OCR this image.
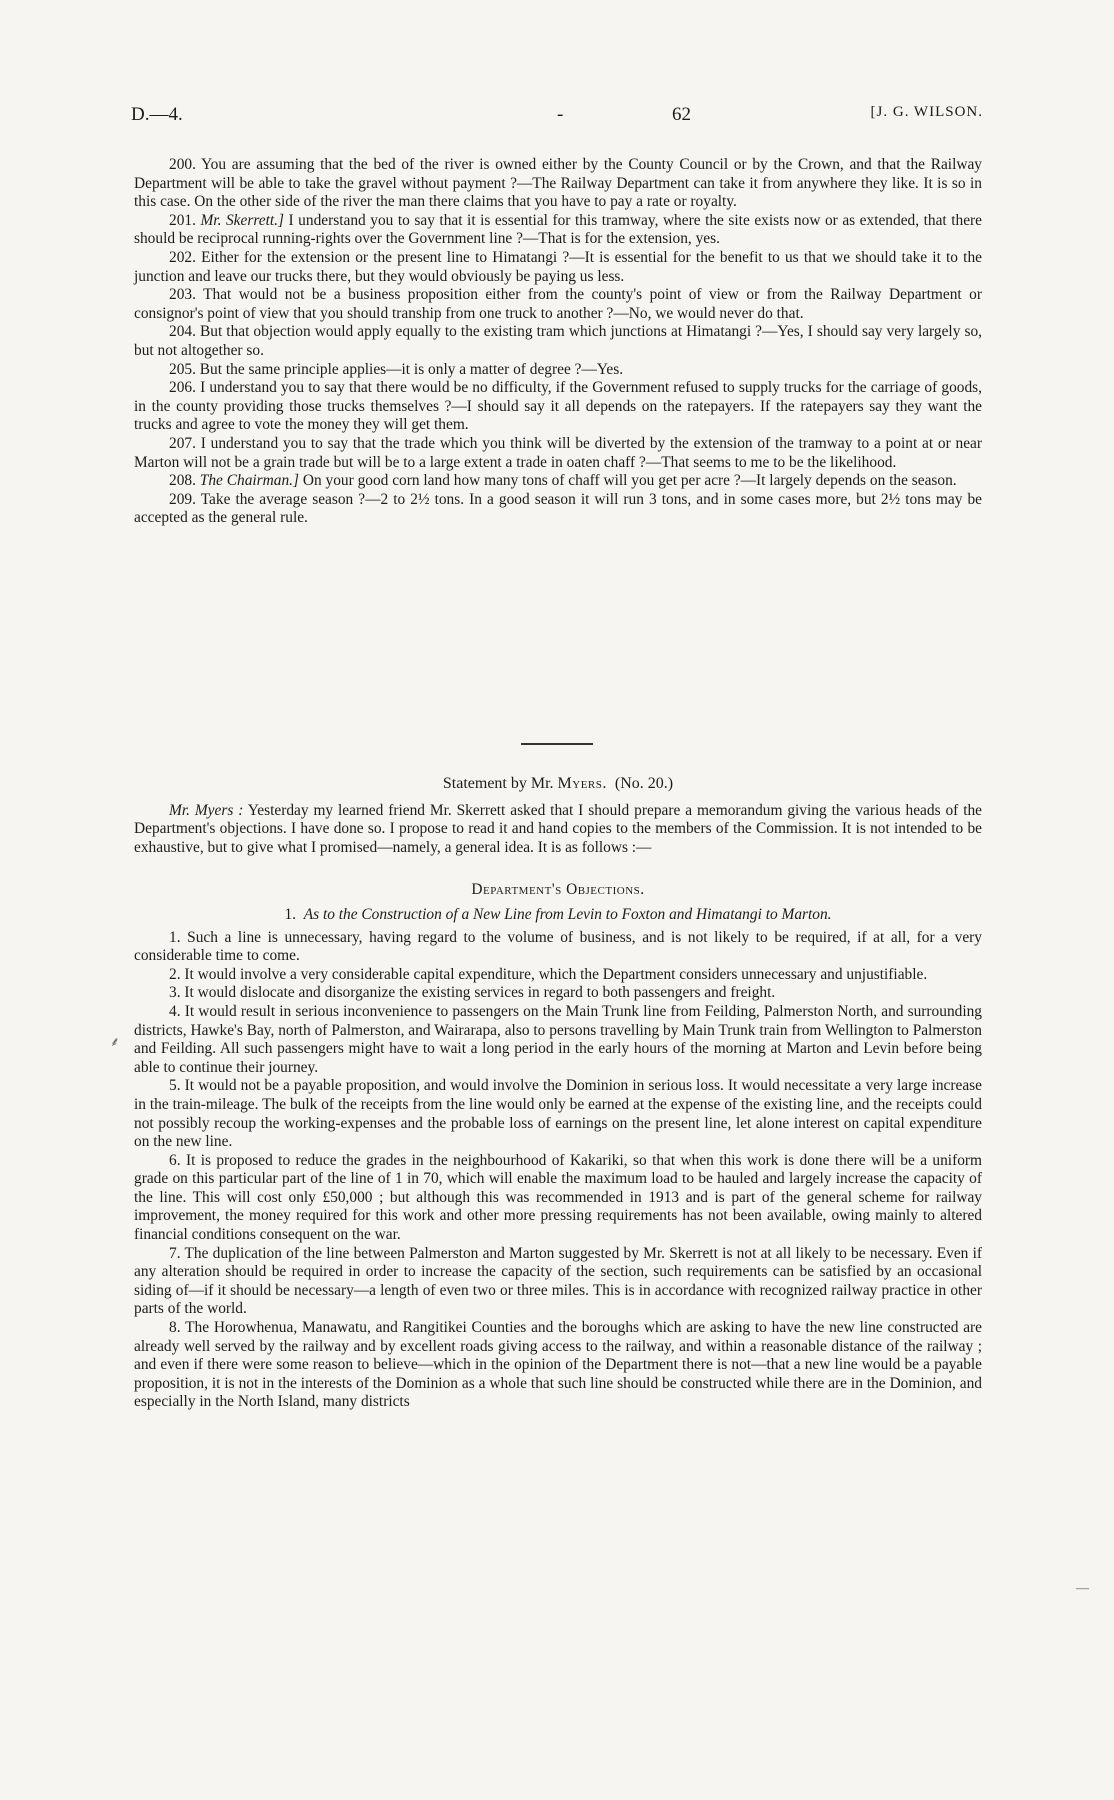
D.—4.	-	62	[J. G. WILSON.

200. You are assuming that the bed of the river is owned either by the County Council or by the Crown, and that the Railway Department will be able to take the gravel without payment ?—The Railway Department can take it from anywhere they like. It is so in this case. On the other side of the river the man there claims that you have to pay a rate or royalty.

201. Mr. Skerrett.] I understand you to say that it is essential for this tramway, where the site exists now or as extended, that there should be reciprocal running-rights over the Government line ?—That is for the extension, yes.

202. Either for the extension or the present line to Himatangi ?—It is essential for the benefit to us that we should take it to the junction and leave our trucks there, but they would obviously be paying us less.

203. That would not be a business proposition either from the county's point of view or from the Railway Department or consignor's point of view that you should tranship from one truck to another ?—No, we would never do that.

204. But that objection would apply equally to the existing tram which junctions at Himatangi ?—Yes, I should say very largely so, but not altogether so.

205. But the same principle applies—it is only a matter of degree ?—Yes.

206. I understand you to say that there would be no difficulty, if the Government refused to supply trucks for the carriage of goods, in the county providing those trucks themselves ?—I should say it all depends on the ratepayers. If the ratepayers say they want the trucks and agree to vote the money they will get them.

207. I understand you to say that the trade which you think will be diverted by the extension of the tramway to a point at or near Marton will not be a grain trade but will be to a large extent a trade in oaten chaff ?—That seems to me to be the likelihood.

208. The Chairman.] On your good corn land how many tons of chaff will you get per acre ?—It largely depends on the season.

209. Take the average season ?—2 to 2½ tons. In a good season it will run 3 tons, and in some cases more, but 2½ tons may be accepted as the general rule.

Statement by Mr. Myers. (No. 20.)

Mr. Myers : Yesterday my learned friend Mr. Skerrett asked that I should prepare a memorandum giving the various heads of the Department's objections. I have done so. I propose to read it and hand copies to the members of the Commission. It is not intended to be exhaustive, but to give what I promised—namely, a general idea. It is as follows :—

Department's Objections.

1. As to the Construction of a New Line from Levin to Foxton and Himatangi to Marton.

1. Such a line is unnecessary, having regard to the volume of business, and is not likely to be required, if at all, for a very considerable time to come.

2. It would involve a very considerable capital expenditure, which the Department considers unnecessary and unjustifiable.

3. It would dislocate and disorganize the existing services in regard to both passengers and freight.

4. It would result in serious inconvenience to passengers on the Main Trunk line from Feilding, Palmerston North, and surrounding districts, Hawke's Bay, north of Palmerston, and Wairarapa, also to persons travelling by Main Trunk train from Wellington to Palmerston and Feilding. All such passengers might have to wait a long period in the early hours of the morning at Marton and Levin before being able to continue their journey.

5. It would not be a payable proposition, and would involve the Dominion in serious loss. It would necessitate a very large increase in the train-mileage. The bulk of the receipts from the line would only be earned at the expense of the existing line, and the receipts could not possibly recoup the working-expenses and the probable loss of earnings on the present line, let alone interest on capital expenditure on the new line.

6. It is proposed to reduce the grades in the neighbourhood of Kakariki, so that when this work is done there will be a uniform grade on this particular part of the line of 1 in 70, which will enable the maximum load to be hauled and largely increase the capacity of the line. This will cost only £50,000 ; but although this was recommended in 1913 and is part of the general scheme for railway improvement, the money required for this work and other more pressing requirements has not been available, owing mainly to altered financial conditions consequent on the war.

7. The duplication of the line between Palmerston and Marton suggested by Mr. Skerrett is not at all likely to be necessary. Even if any alteration should be required in order to increase the capacity of the section, such requirements can be satisfied by an occasional siding of—if it should be necessary—a length of even two or three miles. This is in accordance with recognized railway practice in other parts of the world.

8. The Horowhenua, Manawatu, and Rangitikei Counties and the boroughs which are asking to have the new line constructed are already well served by the railway and by excellent roads giving access to the railway, and within a reasonable distance of the railway ; and even if there were some reason to believe—which in the opinion of the Department there is not—that a new line would be a payable proposition, it is not in the interests of the Dominion as a whole that such line should be constructed while there are in the Dominion, and especially in the North Island, many districts

⸙
―
